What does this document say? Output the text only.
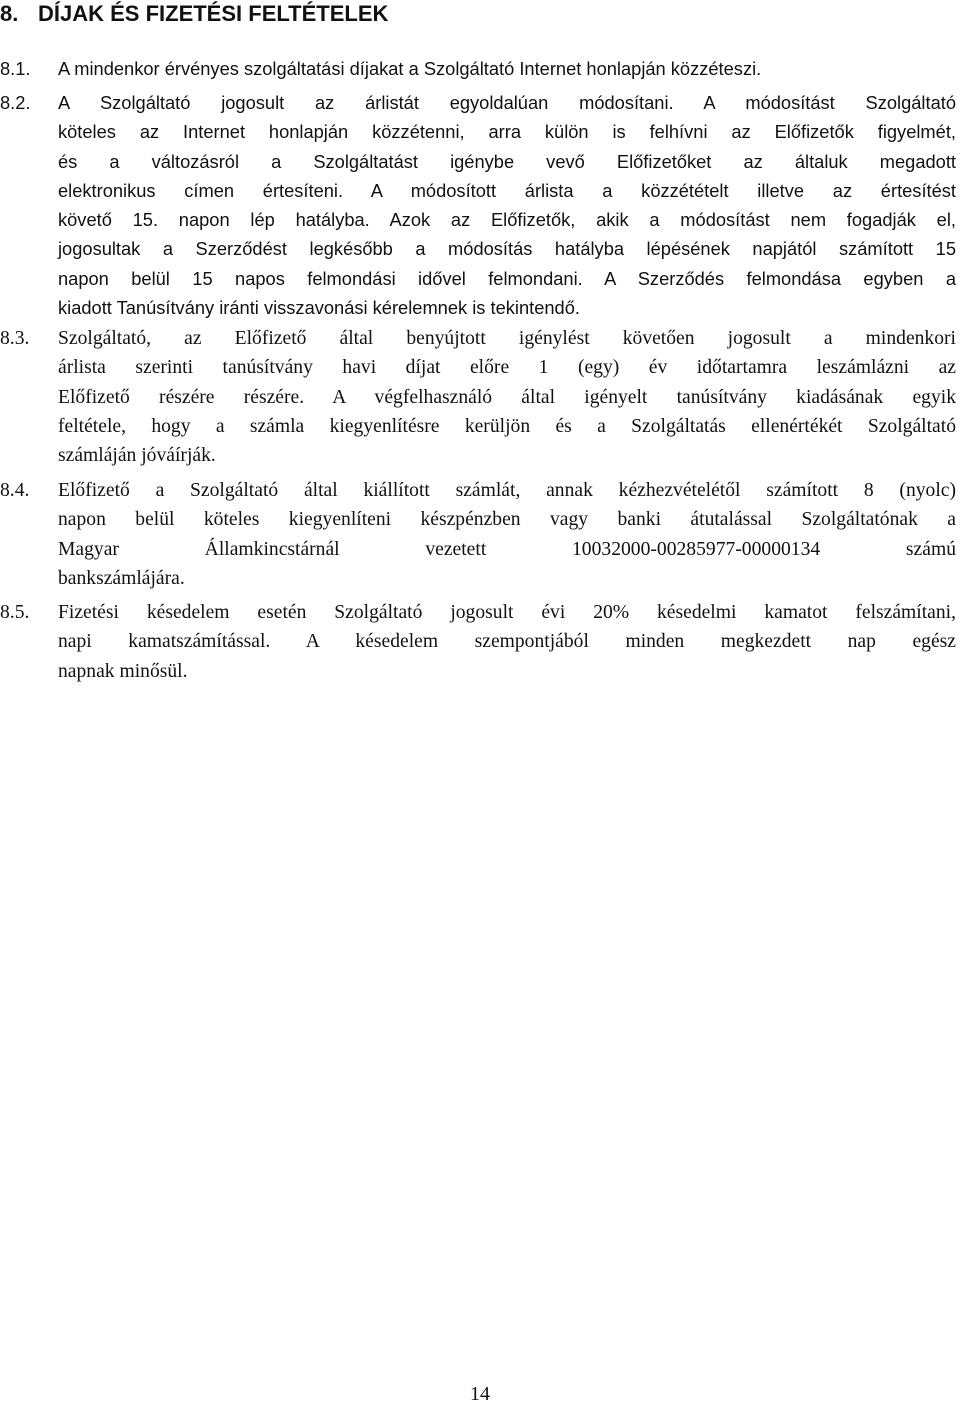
8. DÍJAK ÉS FIZETÉSI FELTÉTELEK
8.1. A mindenkor érvényes szolgáltatási díjakat a Szolgáltató Internet honlapján közzéteszi.
8.2. A Szolgáltató jogosult az árlistát egyoldalúan módosítani. A módosítást Szolgáltató
köteles az Internet honlapján közzétenni, arra külön is felhívni az Előfizetők figyelmét,
és a változásról a Szolgáltatást igénybe vevő Előfizetőket az általuk megadott
elektronikus címen értesíteni. A módosított árlista a közzétételt illetve az értesítést
követő 15. napon lép hatályba. Azok az Előfizetők, akik a módosítást nem fogadják el,
jogosultak a Szerződést legkésőbb a módosítás hatályba lépésének napjától számított 15
napon belül 15 napos felmondási idővel felmondani. A Szerződés felmondása egyben a
kiadott Tanúsítvány iránti visszavonási kérelemnek is tekintendő.
8.3. Szolgáltató, az Előfizető által benyújtott igénylést követően jogosult a mindenkori
árlista szerinti tanúsítvány havi díjat előre 1 (egy) év időtartamra leszámlázni az
Előfizető részére részére. A végfelhasználó által igényelt tanúsítvány kiadásának egyik
feltétele, hogy a számla kiegyenlítésre kerüljön és a Szolgáltatás ellenértékét Szolgáltató
számláján jóváírják.
8.4. Előfizető a Szolgáltató által kiállított számlát, annak kézhezvételétől számított 8 (nyolc)
napon belül köteles kiegyenlíteni készpénzben vagy banki átutalással Szolgáltatónak a
Magyar Államkincstárnál vezetett 10032000-00285977-00000134 számú
bankszámlájára.
8.5. Fizetési késedelem esetén Szolgáltató jogosult évi 20% késedelmi kamatot felszámítani,
napi kamatszámítással. A késedelem szempontjából minden megkezdett nap egész
napnak minősül.
14
